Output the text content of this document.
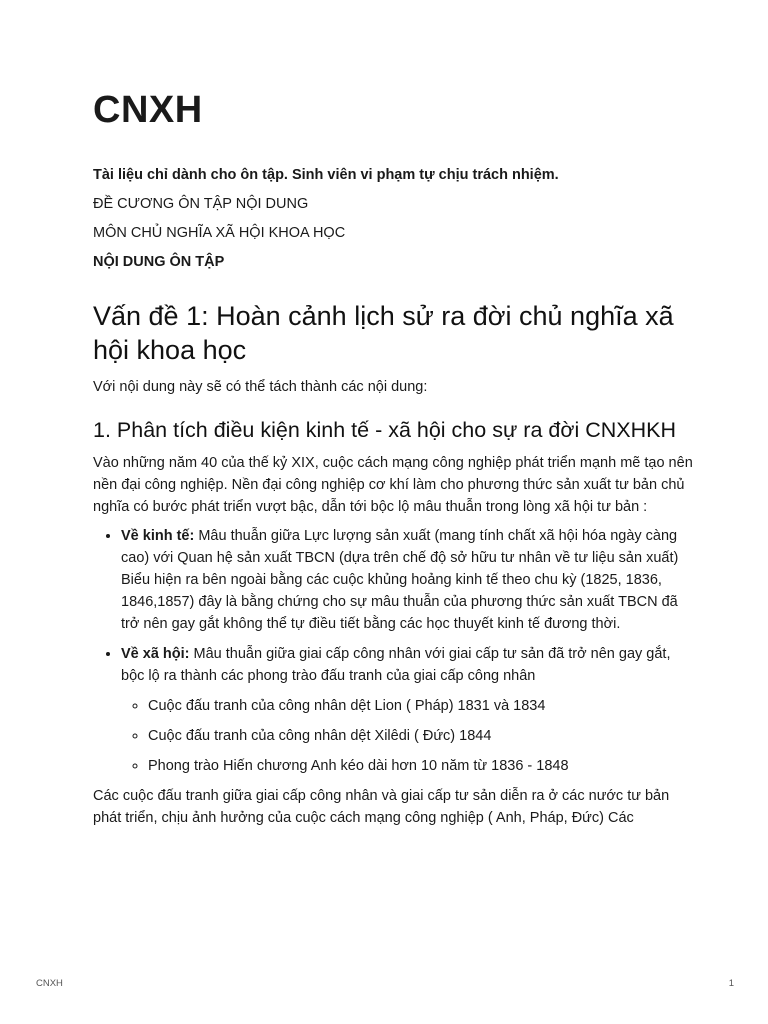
CNXH

Tài liệu chỉ dành cho ôn tập. Sinh viên vi phạm tự chịu trách nhiệm.

ĐỀ CƯƠNG ÔN TẬP NỘI DUNG

MÔN CHỦ NGHĨA XÃ HỘI KHOA HỌC

NỘI DUNG ÔN TẬP

Vấn đề 1: Hoàn cảnh lịch sử ra đời chủ nghĩa xã hội khoa học

Với nội dung này sẽ có thể tách thành các nội dung:

1. Phân tích điều kiện kinh tế - xã hội cho sự ra đời CNXHKH

Vào những năm 40 của thế kỷ XIX, cuộc cách mạng công nghiệp phát triển mạnh mẽ tạo nên nền đại công nghiệp. Nền đại công nghiệp cơ khí làm cho phương thức sản xuất tư bản chủ nghĩa có bước phát triển vượt bậc, dẫn tới bộc lộ mâu thuẫn trong lòng xã hội tư bản :

• Về kinh tế: Mâu thuẫn giữa Lực lượng sản xuất (mang tính chất xã hội hóa ngày càng cao) với Quan hệ sản xuất TBCN (dựa trên chế độ sở hữu tư nhân về tư liệu sản xuất) Biểu hiện ra bên ngoài bằng các cuộc khủng hoảng kinh tế theo chu kỳ (1825, 1836, 1846,1857) đây là bằng chứng cho sự mâu thuẫn của phương thức sản xuất TBCN đã trở nên gay gắt không thể tự điều tiết bằng các học thuyết kinh tế đương thời.
• Về xã hội: Mâu thuẫn giữa giai cấp công nhân với giai cấp tư sản đã trở nên gay gắt, bộc lộ ra thành các phong trào đấu tranh của giai cấp công nhân
◦ Cuộc đấu tranh của công nhân dệt Lion ( Pháp) 1831 và 1834
◦ Cuộc đấu tranh của công nhân dệt Xilêdi ( Đức) 1844
◦ Phong trào Hiến chương Anh kéo dài hơn 10 năm từ 1836 - 1848

Các cuộc đấu tranh giữa giai cấp công nhân và giai cấp tư sản diễn ra ở các nước tư bản phát triển, chịu ảnh hưởng của cuộc cách mạng công nghiệp ( Anh, Pháp, Đức) Các

CNXH	1
